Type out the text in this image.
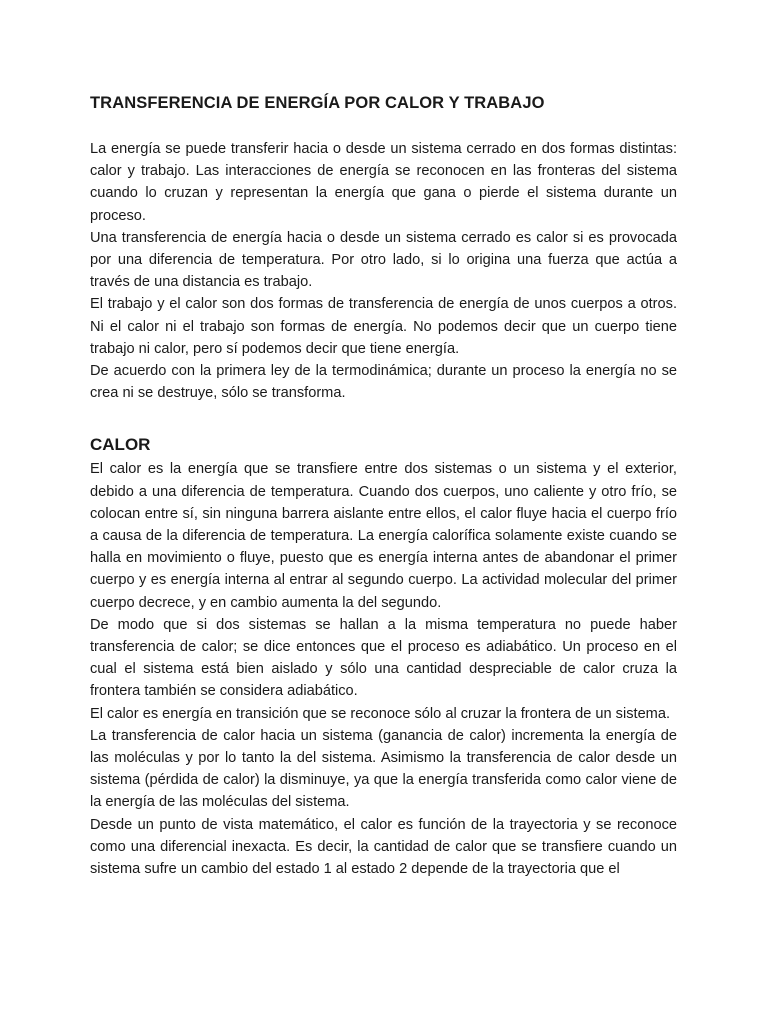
TRANSFERENCIA DE ENERGÍA POR CALOR Y TRABAJO

La energía se puede transferir hacia o desde un sistema cerrado en dos formas distintas: calor y trabajo. Las interacciones de energía se reconocen en las fronteras del sistema cuando lo cruzan y representan la energía que gana o pierde el sistema durante un proceso.

Una transferencia de energía hacia o desde un sistema cerrado es calor si es provocada por una diferencia de temperatura. Por otro lado, si lo origina una fuerza que actúa a través de una distancia es trabajo.

El trabajo y el calor son dos formas de transferencia de energía de unos cuerpos a otros. Ni el calor ni el trabajo son formas de energía. No podemos decir que un cuerpo tiene trabajo ni calor, pero sí podemos decir que tiene energía.

De acuerdo con la primera ley de la termodinámica; durante un proceso la energía no se crea ni se destruye, sólo se transforma.

CALOR

El calor es la energía que se transfiere entre dos sistemas o un sistema y el exterior, debido a una diferencia de temperatura. Cuando dos cuerpos, uno caliente y otro frío, se colocan entre sí, sin ninguna barrera aislante entre ellos, el calor fluye hacia el cuerpo frío a causa de la diferencia de temperatura. La energía calorífica solamente existe cuando se halla en movimiento o fluye, puesto que es energía interna antes de abandonar el primer cuerpo y es energía interna al entrar al segundo cuerpo. La actividad molecular del primer cuerpo decrece, y en cambio aumenta la del segundo.

De modo que si dos sistemas se hallan a la misma temperatura no puede haber transferencia de calor; se dice entonces que el proceso es adiabático. Un proceso en el cual el sistema está bien aislado y sólo una cantidad despreciable de calor cruza la frontera también se considera adiabático.

El calor es energía en transición que se reconoce sólo al cruzar la frontera de un sistema.

La transferencia de calor hacia un sistema (ganancia de calor) incrementa la energía de las moléculas y por lo tanto la del sistema. Asimismo la transferencia de calor desde un sistema (pérdida de calor) la disminuye, ya que la energía transferida como calor viene de la energía de las moléculas del sistema.

Desde un punto de vista matemático, el calor es función de la trayectoria y se reconoce como una diferencial inexacta. Es decir, la cantidad de calor que se transfiere cuando un sistema sufre un cambio del estado 1 al estado 2 depende de la trayectoria que el
